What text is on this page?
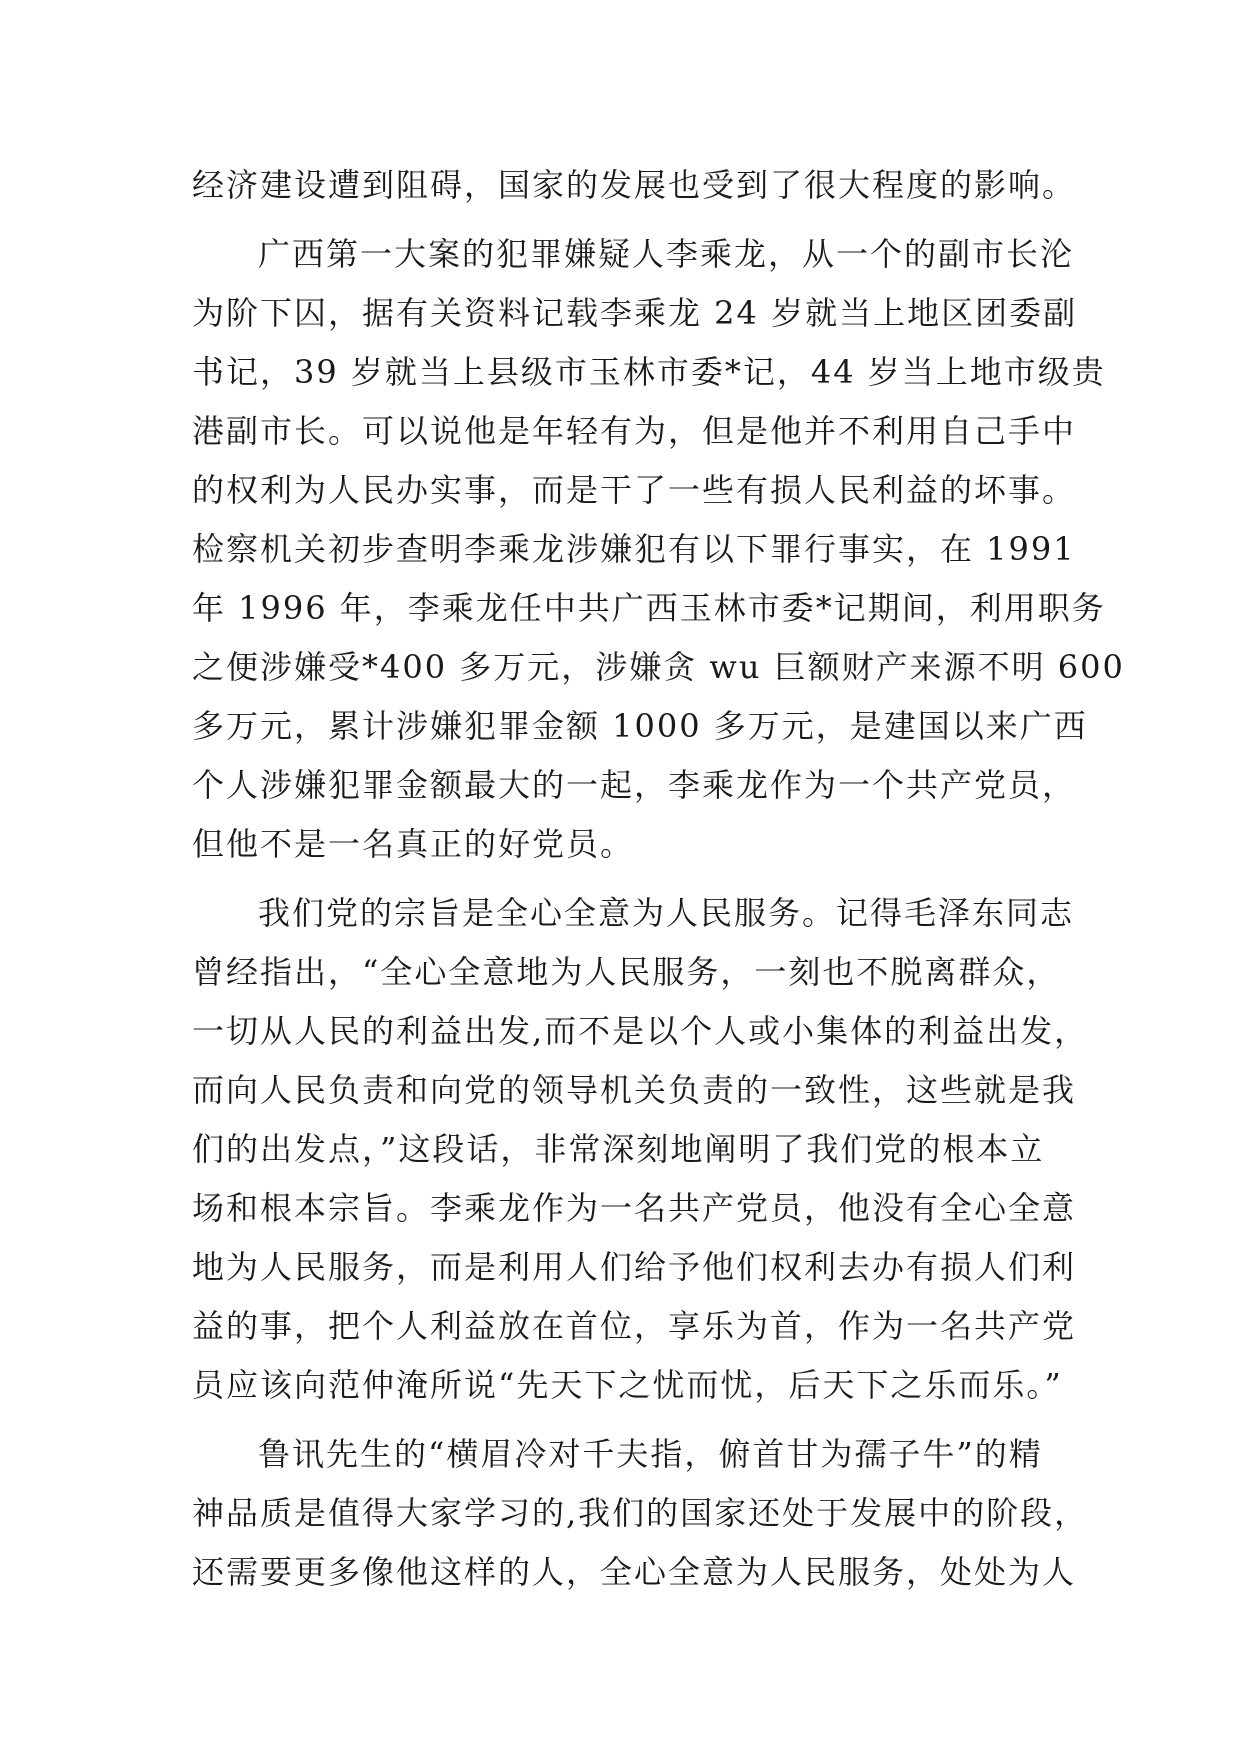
经济建设遭到阻碍，国家的发展也受到了很大程度的影响。
广西第一大案的犯罪嫌疑人李乘龙，从一个的副市长沦
为阶下囚，据有关资料记载李乘龙 24 岁就当上地区团委副
书记，39 岁就当上县级市玉林市委*记，44 岁当上地市级贵
港副市长。可以说他是年轻有为，但是他并不利用自己手中
的权利为人民办实事，而是干了一些有损人民利益的坏事。
检察机关初步查明李乘龙涉嫌犯有以下罪行事实，在 1991
年 1996 年，李乘龙任中共广西玉林市委*记期间，利用职务
之便涉嫌受*400 多万元，涉嫌贪 wu 巨额财产来源不明 600
多万元，累计涉嫌犯罪金额 1000 多万元，是建国以来广西
个人涉嫌犯罪金额最大的一起，李乘龙作为一个共产党员，
但他不是一名真正的好党员。
我们党的宗旨是全心全意为人民服务。记得毛泽东同志
曾经指出，“全心全意地为人民服务，一刻也不脱离群众，
一切从人民的利益出发,而不是以个人或小集体的利益出发，
而向人民负责和向党的领导机关负责的一致性，这些就是我
们的出发点，”这段话，非常深刻地阐明了我们党的根本立
场和根本宗旨。李乘龙作为一名共产党员，他没有全心全意
地为人民服务，而是利用人们给予他们权利去办有损人们利
益的事，把个人利益放在首位，享乐为首，作为一名共产党
员应该向范仲淹所说“先天下之忧而忧，后天下之乐而乐。”
鲁讯先生的“横眉冷对千夫指，俯首甘为孺子牛”的精
神品质是值得大家学习的,我们的国家还处于发展中的阶段，
还需要更多像他这样的人，全心全意为人民服务，处处为人
